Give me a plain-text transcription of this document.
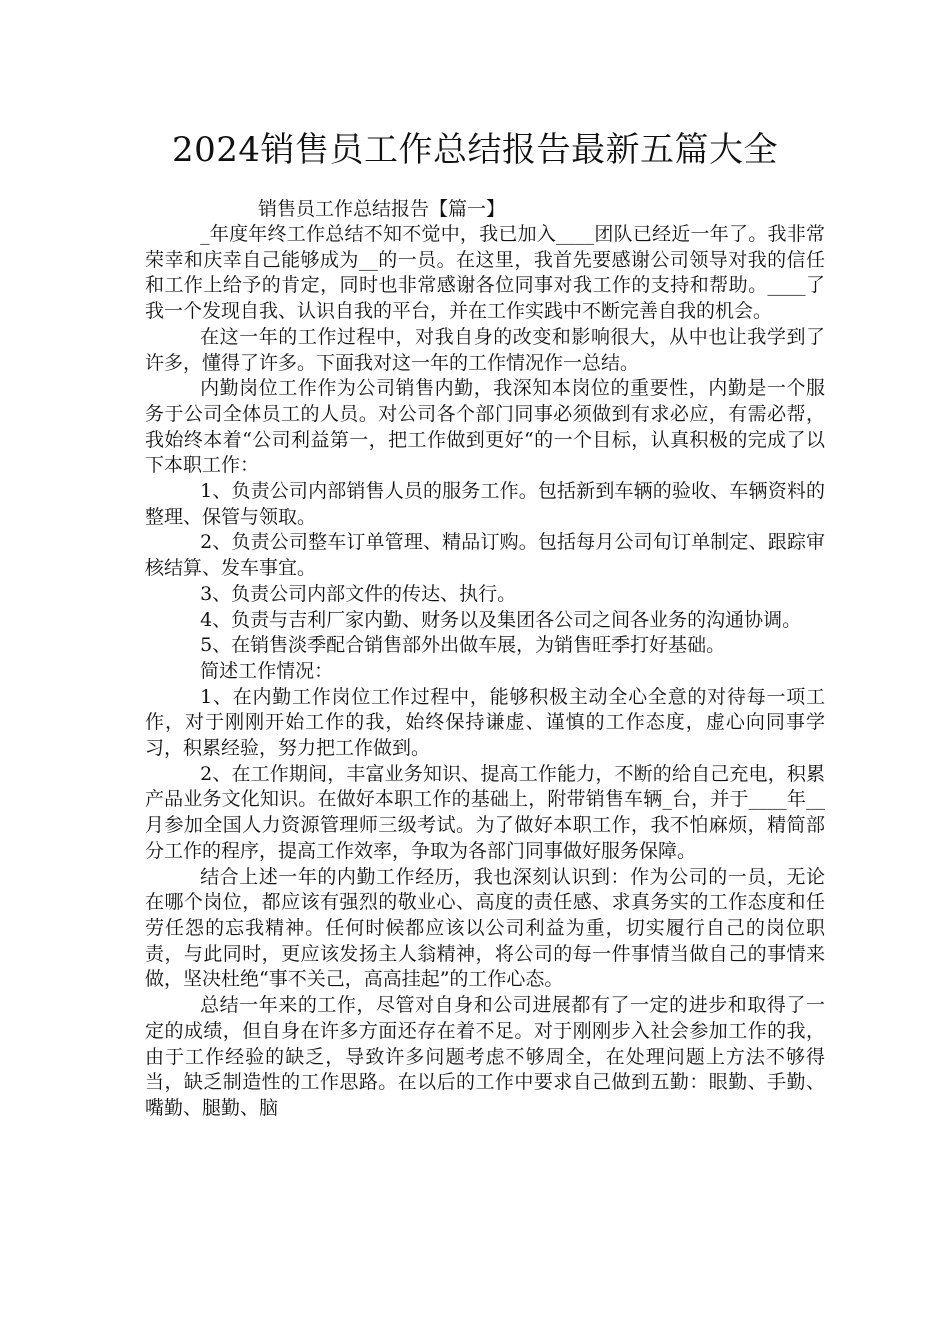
2024销售员工作总结报告最新五篇大全
销售员工作总结报告【篇一】

_年度年终工作总结不知不觉中，我已加入____团队已经近一年了。我非常荣幸和庆幸自己能够成为__的一员。在这里，我首先要感谢公司领导对我的信任和工作上给予的肯定，同时也非常感谢各位同事对我工作的支持和帮助。____了我一个发现自我、认识自我的平台，并在工作实践中不断完善自我的机会。

在这一年的工作过程中，对我自身的改变和影响很大，从中也让我学到了许多，懂得了许多。下面我对这一年的工作情况作一总结。

内勤岗位工作作为公司销售内勤，我深知本岗位的重要性，内勤是一个服务于公司全体员工的人员。对公司各个部门同事必须做到有求必应，有需必帮，我始终本着“公司利益第一，把工作做到更好“的一个目标，认真积极的完成了以下本职工作：

1、负责公司内部销售人员的服务工作。包括新到车辆的验收、车辆资料的整理、保管与领取。

2、负责公司整车订单管理、精品订购。包括每月公司旬订单制定、跟踪审核结算、发车事宜。

3、负责公司内部文件的传达、执行。

4、负责与吉利厂家内勤、财务以及集团各公司之间各业务的沟通协调。

5、在销售淡季配合销售部外出做车展，为销售旺季打好基础。

简述工作情况：

1、在内勤工作岗位工作过程中，能够积极主动全心全意的对待每一项工作，对于刚刚开始工作的我，始终保持谦虚、谨慎的工作态度，虚心向同事学习，积累经验，努力把工作做到。

2、在工作期间，丰富业务知识、提高工作能力，不断的给自己充电，积累产品业务文化知识。在做好本职工作的基础上，附带销售车辆_台，并于____年__月参加全国人力资源管理师三级考试。为了做好本职工作，我不怕麻烦，精简部分工作的程序，提高工作效率，争取为各部门同事做好服务保障。

结合上述一年的内勤工作经历，我也深刻认识到：作为公司的一员，无论在哪个岗位，都应该有强烈的敬业心、高度的责任感、求真务实的工作态度和任劳任怨的忘我精神。任何时候都应该以公司利益为重，切实履行自己的岗位职责，与此同时，更应该发扬主人翁精神，将公司的每一件事情当做自己的事情来做，坚决杜绝“事不关己，高高挂起”的工作心态。

总结一年来的工作，尽管对自身和公司进展都有了一定的进步和取得了一定的成绩，但自身在许多方面还存在着不足。对于刚刚步入社会参加工作的我，由于工作经验的缺乏，导致许多问题考虑不够周全，在处理问题上方法不够得当，缺乏制造性的工作思路。在以后的工作中要求自己做到五勤：眼勤、手勤、嘴勤、腿勤、脑
